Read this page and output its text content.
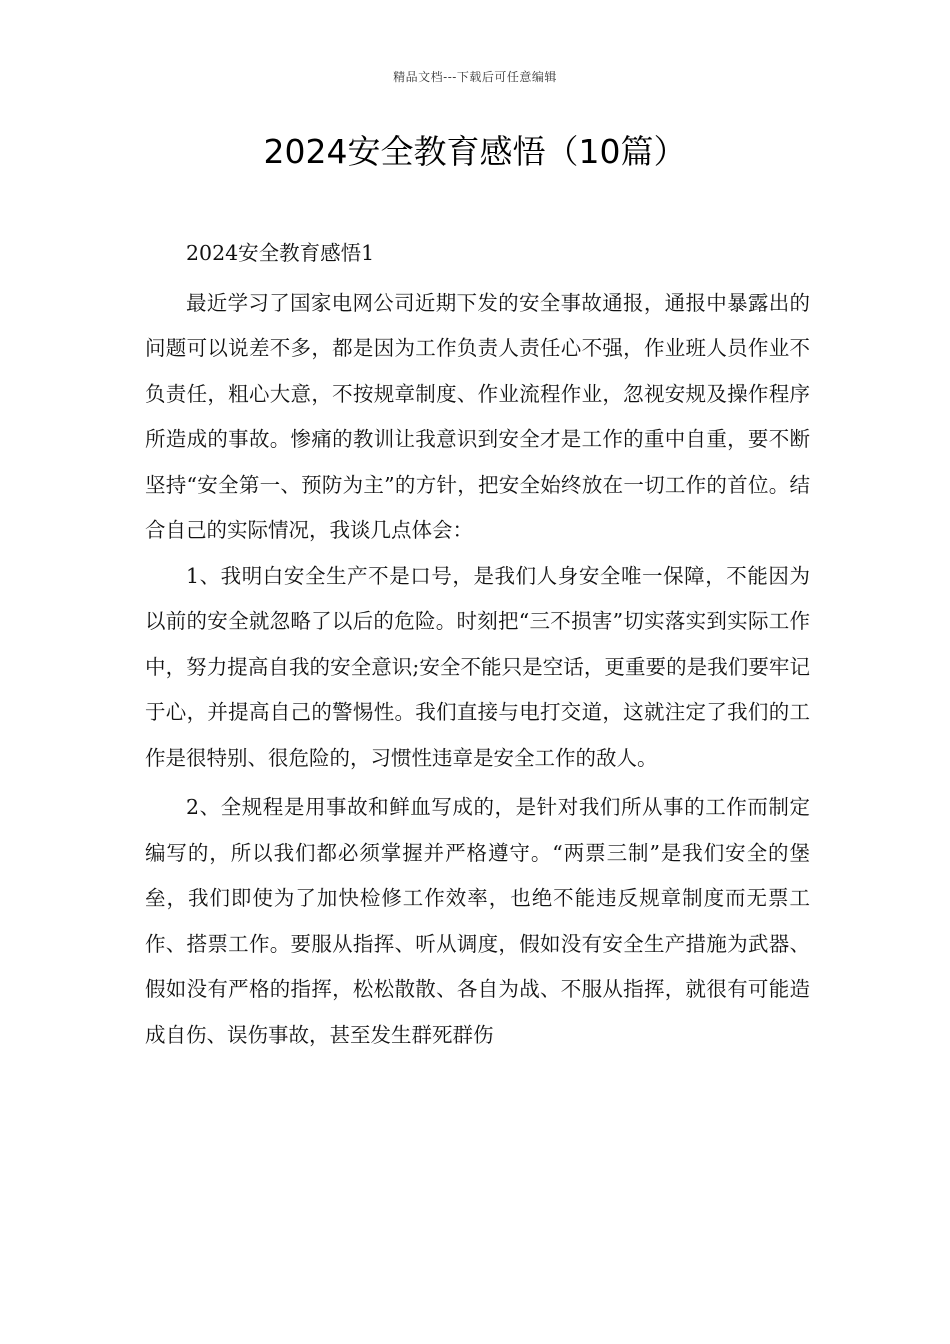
精品文档---下载后可任意编辑
2024安全教育感悟（10篇）

2024安全教育感悟1

最近学习了国家电网公司近期下发的安全事故通报，通报中暴露出的问题可以说差不多，都是因为工作负责人责任心不强，作业班人员作业不负责任，粗心大意，不按规章制度、作业流程作业，忽视安规及操作程序所造成的事故。惨痛的教训让我意识到安全才是工作的重中自重，要不断坚持“安全第一、预防为主”的方针，把安全始终放在一切工作的首位。结合自己的实际情况，我谈几点体会：

1、我明白安全生产不是口号，是我们人身安全唯一保障，不能因为以前的安全就忽略了以后的危险。时刻把“三不损害”切实落实到实际工作中，努力提高自我的安全意识;安全不能只是空话，更重要的是我们要牢记于心，并提高自己的警惕性。我们直接与电打交道，这就注定了我们的工作是很特别、很危险的，习惯性违章是安全工作的敌人。

2、全规程是用事故和鲜血写成的，是针对我们所从事的工作而制定编写的，所以我们都必须掌握并严格遵守。“两票三制”是我们安全的堡垒，我们即使为了加快检修工作效率，也绝不能违反规章制度而无票工作、搭票工作。要服从指挥、听从调度，假如没有安全生产措施为武器、假如没有严格的指挥，松松散散、各自为战、不服从指挥，就很有可能造成自伤、误伤事故，甚至发生群死群伤
